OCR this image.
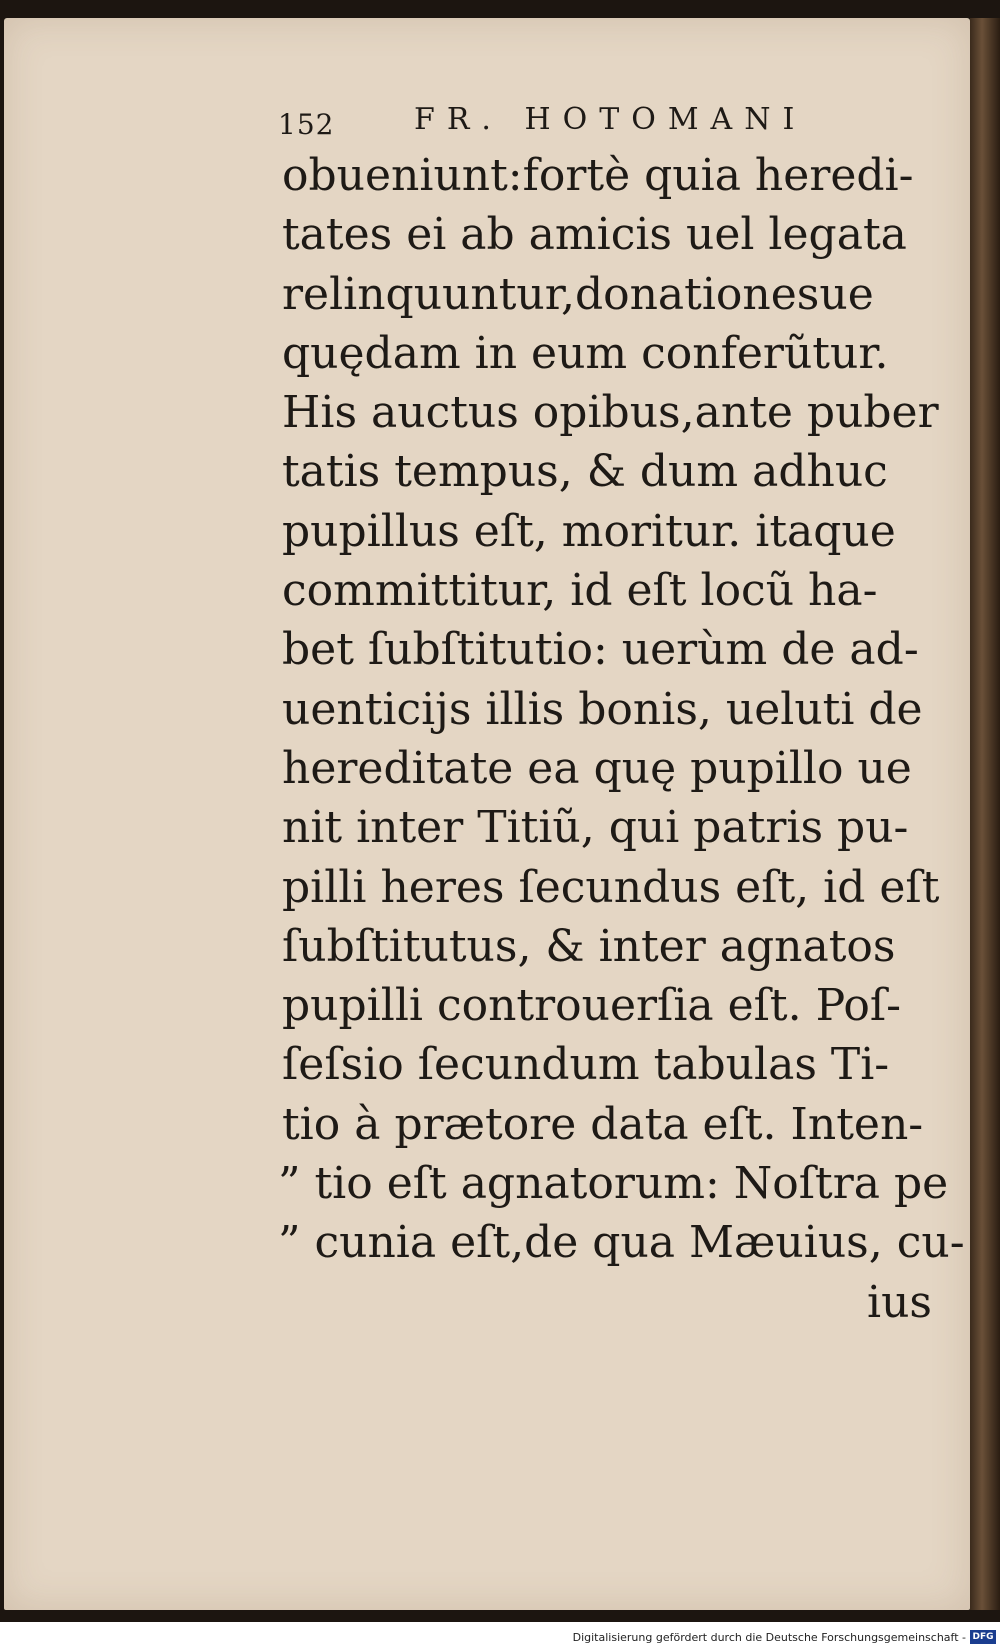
152	FR. HOTOMANI
obueniunt:fortè quia heredi-
tates ei ab amicis uel legata
relinquuntur,donationesue
quędam in eum conferũtur.
His auctus opibus,ante puber
tatis tempus, & dum adhuc
pupillus eſt, moritur. itaque
committitur, id eſt locũ ha-
bet ſubſtitutio: uerùm de ad-
uenticijs illis bonis, ueluti de
hereditate ea quę pupillo ue
nit inter Titiũ, qui patris pu-
pilli heres ſecundus eſt, id eſt
ſubſtitutus, & inter agnatos
pupilli controuerſia eſt. Poſ-
ſeſsio ſecundum tabulas Ti-
tio à prætore data eſt. Inten-
” tio eſt agnatorum: Noſtra pe
” cunia eſt,de qua Mæuius, cu-
ius
Digitalisierung gefördert durch die Deutsche Forschungsgemeinschaft - DFG
